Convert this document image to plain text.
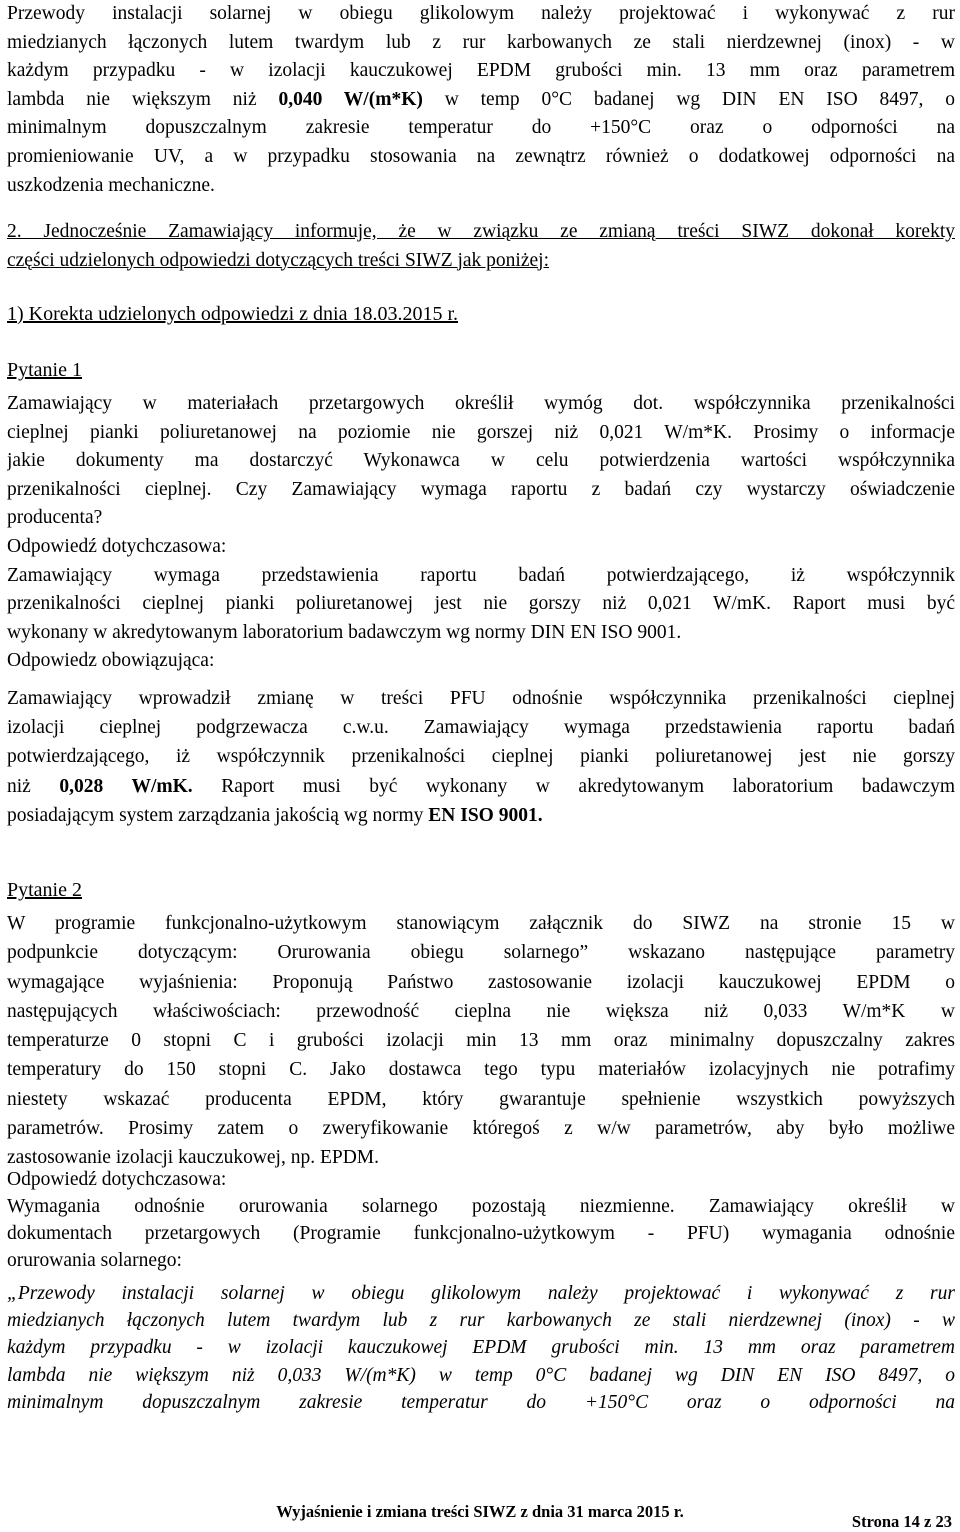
Przewody instalacji solarnej w obiegu glikolowym należy projektować i wykonywać z rur
miedzianych łączonych lutem twardym lub z rur karbowanych ze stali nierdzewnej (inox) - w
każdym przypadku - w izolacji kauczukowej EPDM grubości min. 13 mm oraz parametrem
lambda nie większym niż 0,040 W/(m*K) w temp 0°C badanej wg DIN EN ISO 8497, o
minimalnym dopuszczalnym zakresie temperatur do +150°C oraz o odporności na
promieniowanie UV, a w przypadku stosowania na zewnątrz również o dodatkowej odporności na
uszkodzenia mechaniczne.
2. Jednocześnie Zamawiający informuje, że w związku ze zmianą treści SIWZ dokonał korekty
części udzielonych odpowiedzi dotyczących treści SIWZ jak poniżej:
1) Korekta udzielonych odpowiedzi z dnia 18.03.2015 r.
Pytanie 1
Zamawiający w materiałach przetargowych określił wymóg dot. współczynnika przenikalności
cieplnej pianki poliuretanowej na poziomie nie gorszej niż 0,021 W/m*K. Prosimy o informacje
jakie dokumenty ma dostarczyć Wykonawca w celu potwierdzenia wartości współczynnika
przenikalności cieplnej. Czy Zamawiający wymaga raportu z badań czy wystarczy oświadczenie
producenta?
Odpowiedź dotychczasowa:
Zamawiający wymaga przedstawienia raportu badań potwierdzającego, iż współczynnik
przenikalności cieplnej pianki poliuretanowej jest nie gorszy niż 0,021 W/mK. Raport musi być
wykonany w akredytowanym laboratorium badawczym wg normy DIN EN ISO 9001.
Odpowiedz obowiązująca:
Zamawiający wprowadził zmianę w treści PFU odnośnie współczynnika przenikalności cieplnej
izolacji cieplnej podgrzewacza c.w.u. Zamawiający wymaga przedstawienia raportu badań
potwierdzającego, iż współczynnik przenikalności cieplnej pianki poliuretanowej jest nie gorszy
niż 0,028 W/mK. Raport musi być wykonany w akredytowanym laboratorium badawczym
posiadającym system zarządzania jakością wg normy EN ISO 9001.
Pytanie 2
W programie funkcjonalno-użytkowym stanowiącym załącznik do SIWZ na stronie 15 w
podpunkcie dotyczącym: Orurowania obiegu solarnego” wskazano następujące parametry
wymagające wyjaśnienia: Proponują Państwo zastosowanie izolacji kauczukowej EPDM o
następujących właściwościach: przewodność cieplna nie większa niż 0,033 W/m*K w
temperaturze 0 stopni C i grubości izolacji min 13 mm oraz minimalny dopuszczalny zakres
temperatury do 150 stopni C. Jako dostawca tego typu materiałów izolacyjnych nie potrafimy
niestety wskazać producenta EPDM, który gwarantuje spełnienie wszystkich powyższych
parametrów. Prosimy zatem o zweryfikowanie któregoś z w/w parametrów, aby było możliwe
zastosowanie izolacji kauczukowej, np. EPDM.
Odpowiedź dotychczasowa:
Wymagania odnośnie orurowania solarnego pozostają niezmienne. Zamawiający określił w
dokumentach przetargowych (Programie funkcjonalno-użytkowym - PFU) wymagania odnośnie
orurowania solarnego:
„Przewody instalacji solarnej w obiegu glikolowym należy projektować i wykonywać z rur
miedzianych łączonych lutem twardym lub z rur karbowanych ze stali nierdzewnej (inox) - w
każdym przypadku - w izolacji kauczukowej EPDM grubości min. 13 mm oraz parametrem
lambda nie większym niż 0,033 W/(m*K) w temp 0°C badanej wg DIN EN ISO 8497, o
minimalnym dopuszczalnym zakresie temperatur do +150°C oraz o odporności na
Wyjaśnienie i zmiana treści SIWZ z dnia 31 marca 2015 r.
Strona 14 z 23
